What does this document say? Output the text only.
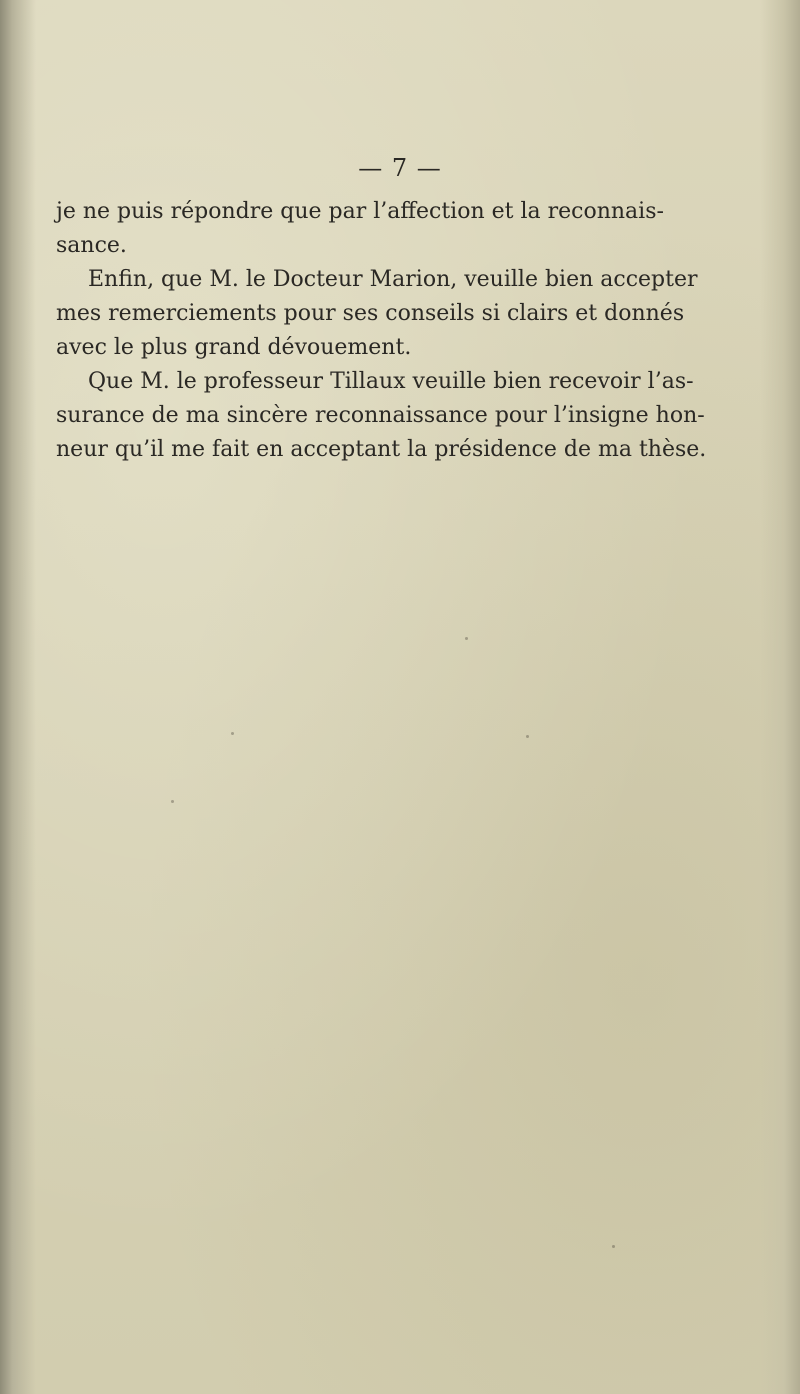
— 7 —

je ne puis répondre que par l’affection et la reconnais-

sance.

Enfin, que M. le Docteur Marion, veuille bien accepter

mes remerciements pour ses conseils si clairs et donnés

avec le plus grand dévouement.

Que M. le professeur Tillaux veuille bien recevoir l’as-

surance de ma sincère reconnaissance pour l’insigne hon-

neur qu’il me fait en acceptant la présidence de ma thèse.
